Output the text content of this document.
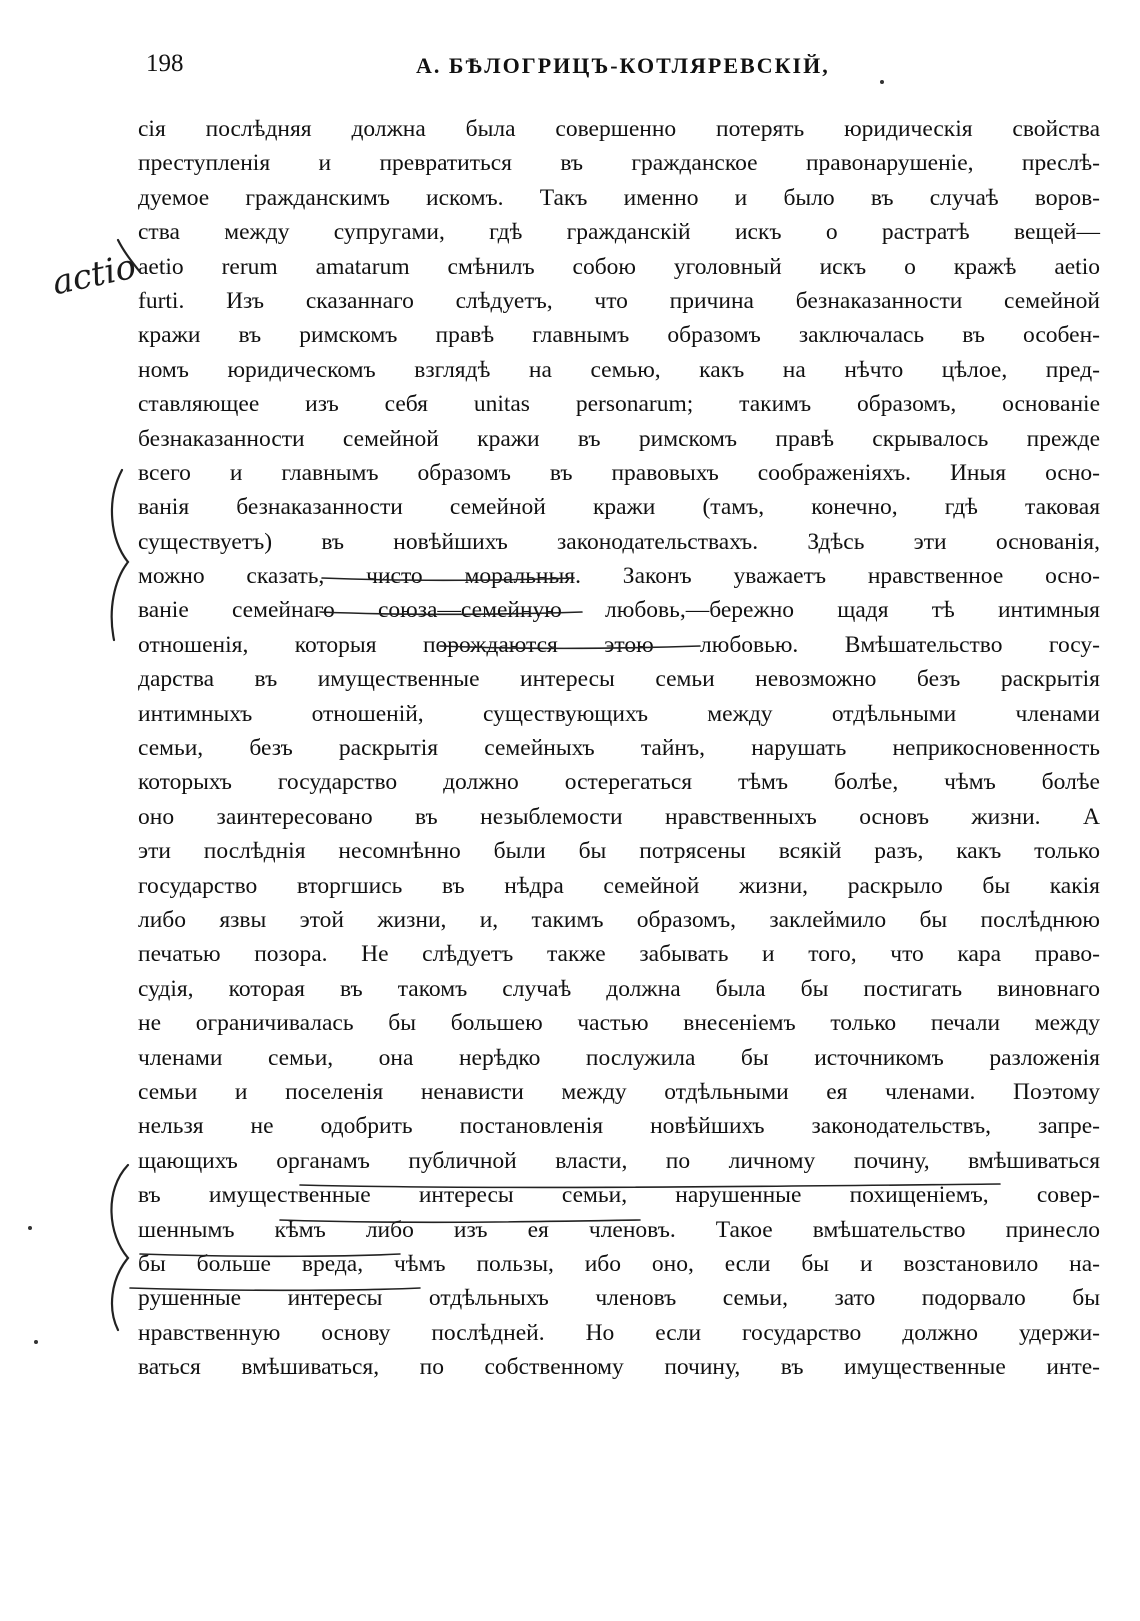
198	А. БѢЛОГРИЦЪ-КОТЛЯРЕВСКІЙ,
actio
сія послѣдняя должна была совершенно потерять юридическія свойства
преступленія и превратиться въ гражданское правонарушеніе, преслѣ-
дуемое гражданскимъ искомъ. Такъ именно и было въ случаѣ воров-
ства между супругами, гдѣ гражданскій искъ о растратѣ вещей—
aetio rerum amatarum смѣнилъ собою уголовный искъ о кражѣ aetio
furti. Изъ сказаннаго слѣдуетъ, что причина безнаказанности семейной
кражи въ римскомъ правѣ главнымъ образомъ заключалась въ особен-
номъ юридическомъ взглядѣ на семью, какъ на нѣчто цѣлое, пред-
ставляющее изъ себя unitas personarum; такимъ образомъ, основаніе
безнаказанности семейной кражи въ римскомъ правѣ скрывалось прежде
всего и главнымъ образомъ въ правовыхъ соображеніяхъ. Иныя осно-
ванія безнаказанности семейной кражи (тамъ, конечно, гдѣ таковая
существуетъ) въ новѣйшихъ законодательствахъ. Здѣсь эти основанія,
можно сказать, чисто моральныя. Законъ уважаетъ нравственное осно-
ваніе семейнаго союза—семейную любовь,—бережно щадя тѣ интимныя
отношенія, которыя порождаются этою любовью. Вмѣшательство госу-
дарства въ имущественные интересы семьи невозможно безъ раскрытія
интимныхъ отношеній, существующихъ между отдѣльными членами
семьи, безъ раскрытія семейныхъ тайнъ, нарушать неприкосновенность
которыхъ государство должно остерегаться тѣмъ болѣе, чѣмъ болѣе
оно заинтересовано въ незыблемости нравственныхъ основъ жизни. А
эти послѣднія несомнѣнно были бы потрясены всякій разъ, какъ только
государство вторгшись въ нѣдра семейной жизни, раскрыло бы какія
либо язвы этой жизни, и, такимъ образомъ, заклеймило бы послѣднюю
печатью позора. Не слѣдуетъ также забывать и того, что кара право-
судія, которая въ такомъ случаѣ должна была бы постигать виновнаго
не ограничивалась бы большею частью внесеніемъ только печали между
членами семьи, она нерѣдко послужила бы источникомъ разложенія
семьи и поселенія ненависти между отдѣльными ея членами. Поэтому
нельзя не одобрить постановленія новѣйшихъ законодательствъ, запре-
щающихъ органамъ публичной власти, по личному почину, вмѣшиваться
въ имущественные интересы семьи, нарушенные похищеніемъ, совер-
шеннымъ кѣмъ либо изъ ея членовъ. Такое вмѣшательство принесло
бы больше вреда, чѣмъ пользы, ибо оно, если бы и возстановило на-
рушенные интересы отдѣльныхъ членовъ семьи, зато подорвало бы
нравственную основу послѣдней. Но если государство должно удержи-
ваться вмѣшиваться, по собственному почину, въ имущественные инте-
